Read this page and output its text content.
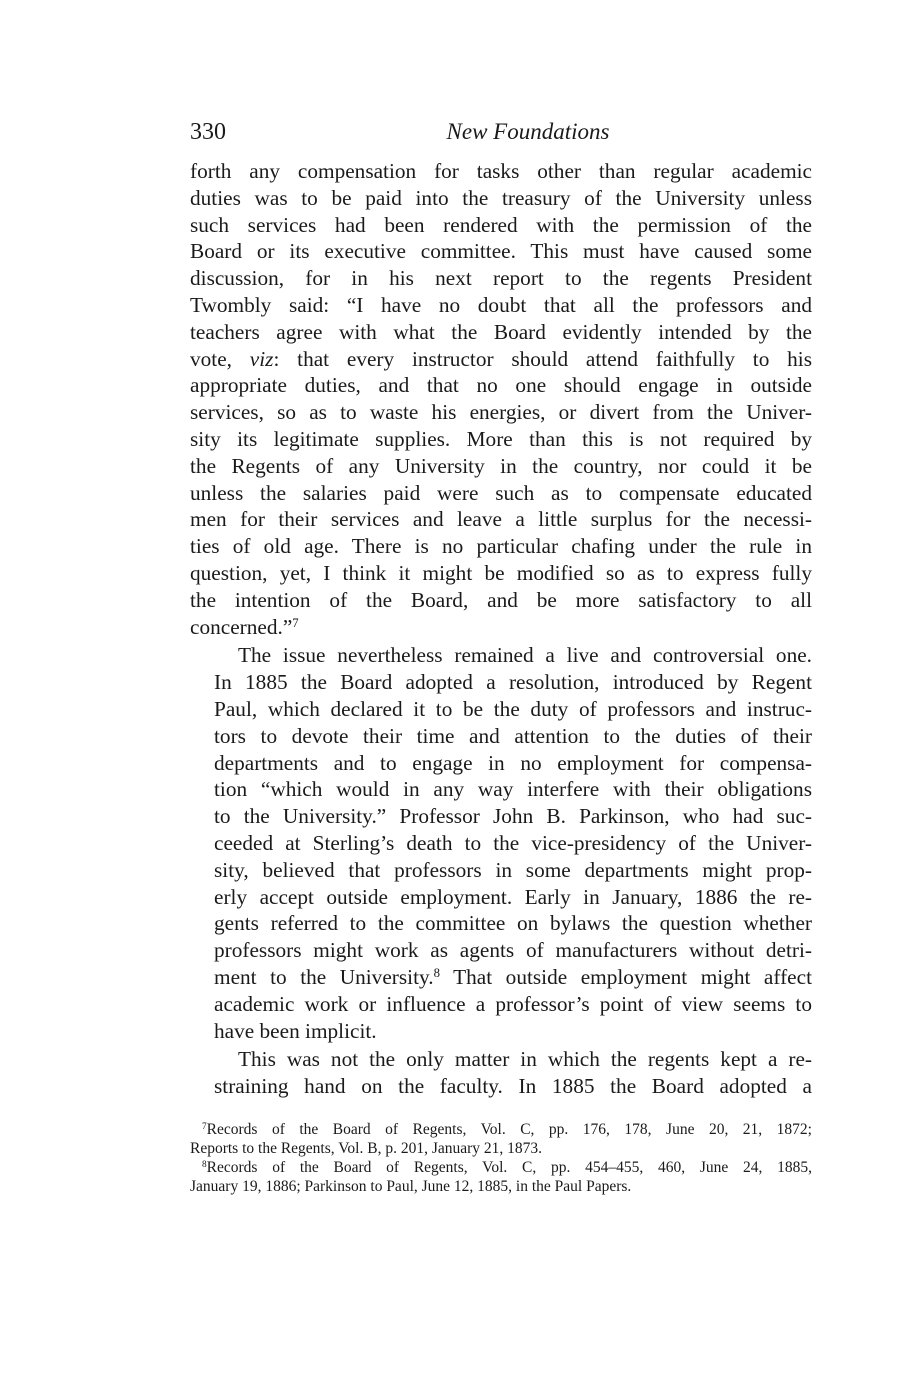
330	New Foundations

forth any compensation for tasks other than regular academic
duties was to be paid into the treasury of the University unless
such services had been rendered with the permission of the
Board or its executive committee. This must have caused some
discussion, for in his next report to the regents President
Twombly said: “I have no doubt that all the professors and
teachers agree with what the Board evidently intended by the
vote, viz: that every instructor should attend faithfully to his
appropriate duties, and that no one should engage in outside
services, so as to waste his energies, or divert from the Univer-
sity its legitimate supplies. More than this is not required by
the Regents of any University in the country, nor could it be
unless the salaries paid were such as to compensate educated
men for their services and leave a little surplus for the necessi-
ties of old age. There is no particular chafing under the rule in
question, yet, I think it might be modified so as to express fully
the intention of the Board, and be more satisfactory to all
concerned.”$^7$

The issue nevertheless remained a live and controversial one.
In 1885 the Board adopted a resolution, introduced by Regent
Paul, which declared it to be the duty of professors and instruc-
tors to devote their time and attention to the duties of their
departments and to engage in no employment for compensa-
tion “which would in any way interfere with their obligations
to the University.” Professor John B. Parkinson, who had suc-
ceeded at Sterling’s death to the vice-presidency of the Univer-
sity, believed that professors in some departments might prop-
erly accept outside employment. Early in January, 1886 the re-
gents referred to the committee on bylaws the question whether
professors might work as agents of manufacturers without detri-
ment to the University.$^8$ That outside employment might affect
academic work or influence a professor’s point of view seems to
have been implicit.

This was not the only matter in which the regents kept a re-
straining hand on the faculty. In 1885 the Board adopted a

$^7$Records of the Board of Regents, Vol. C, pp. 176, 178, June 20, 21, 1872;
Reports to the Regents, Vol. B, p. 201, January 21, 1873.

$^8$Records of the Board of Regents, Vol. C, pp. 454–455, 460, June 24, 1885,
January 19, 1886; Parkinson to Paul, June 12, 1885, in the Paul Papers.
